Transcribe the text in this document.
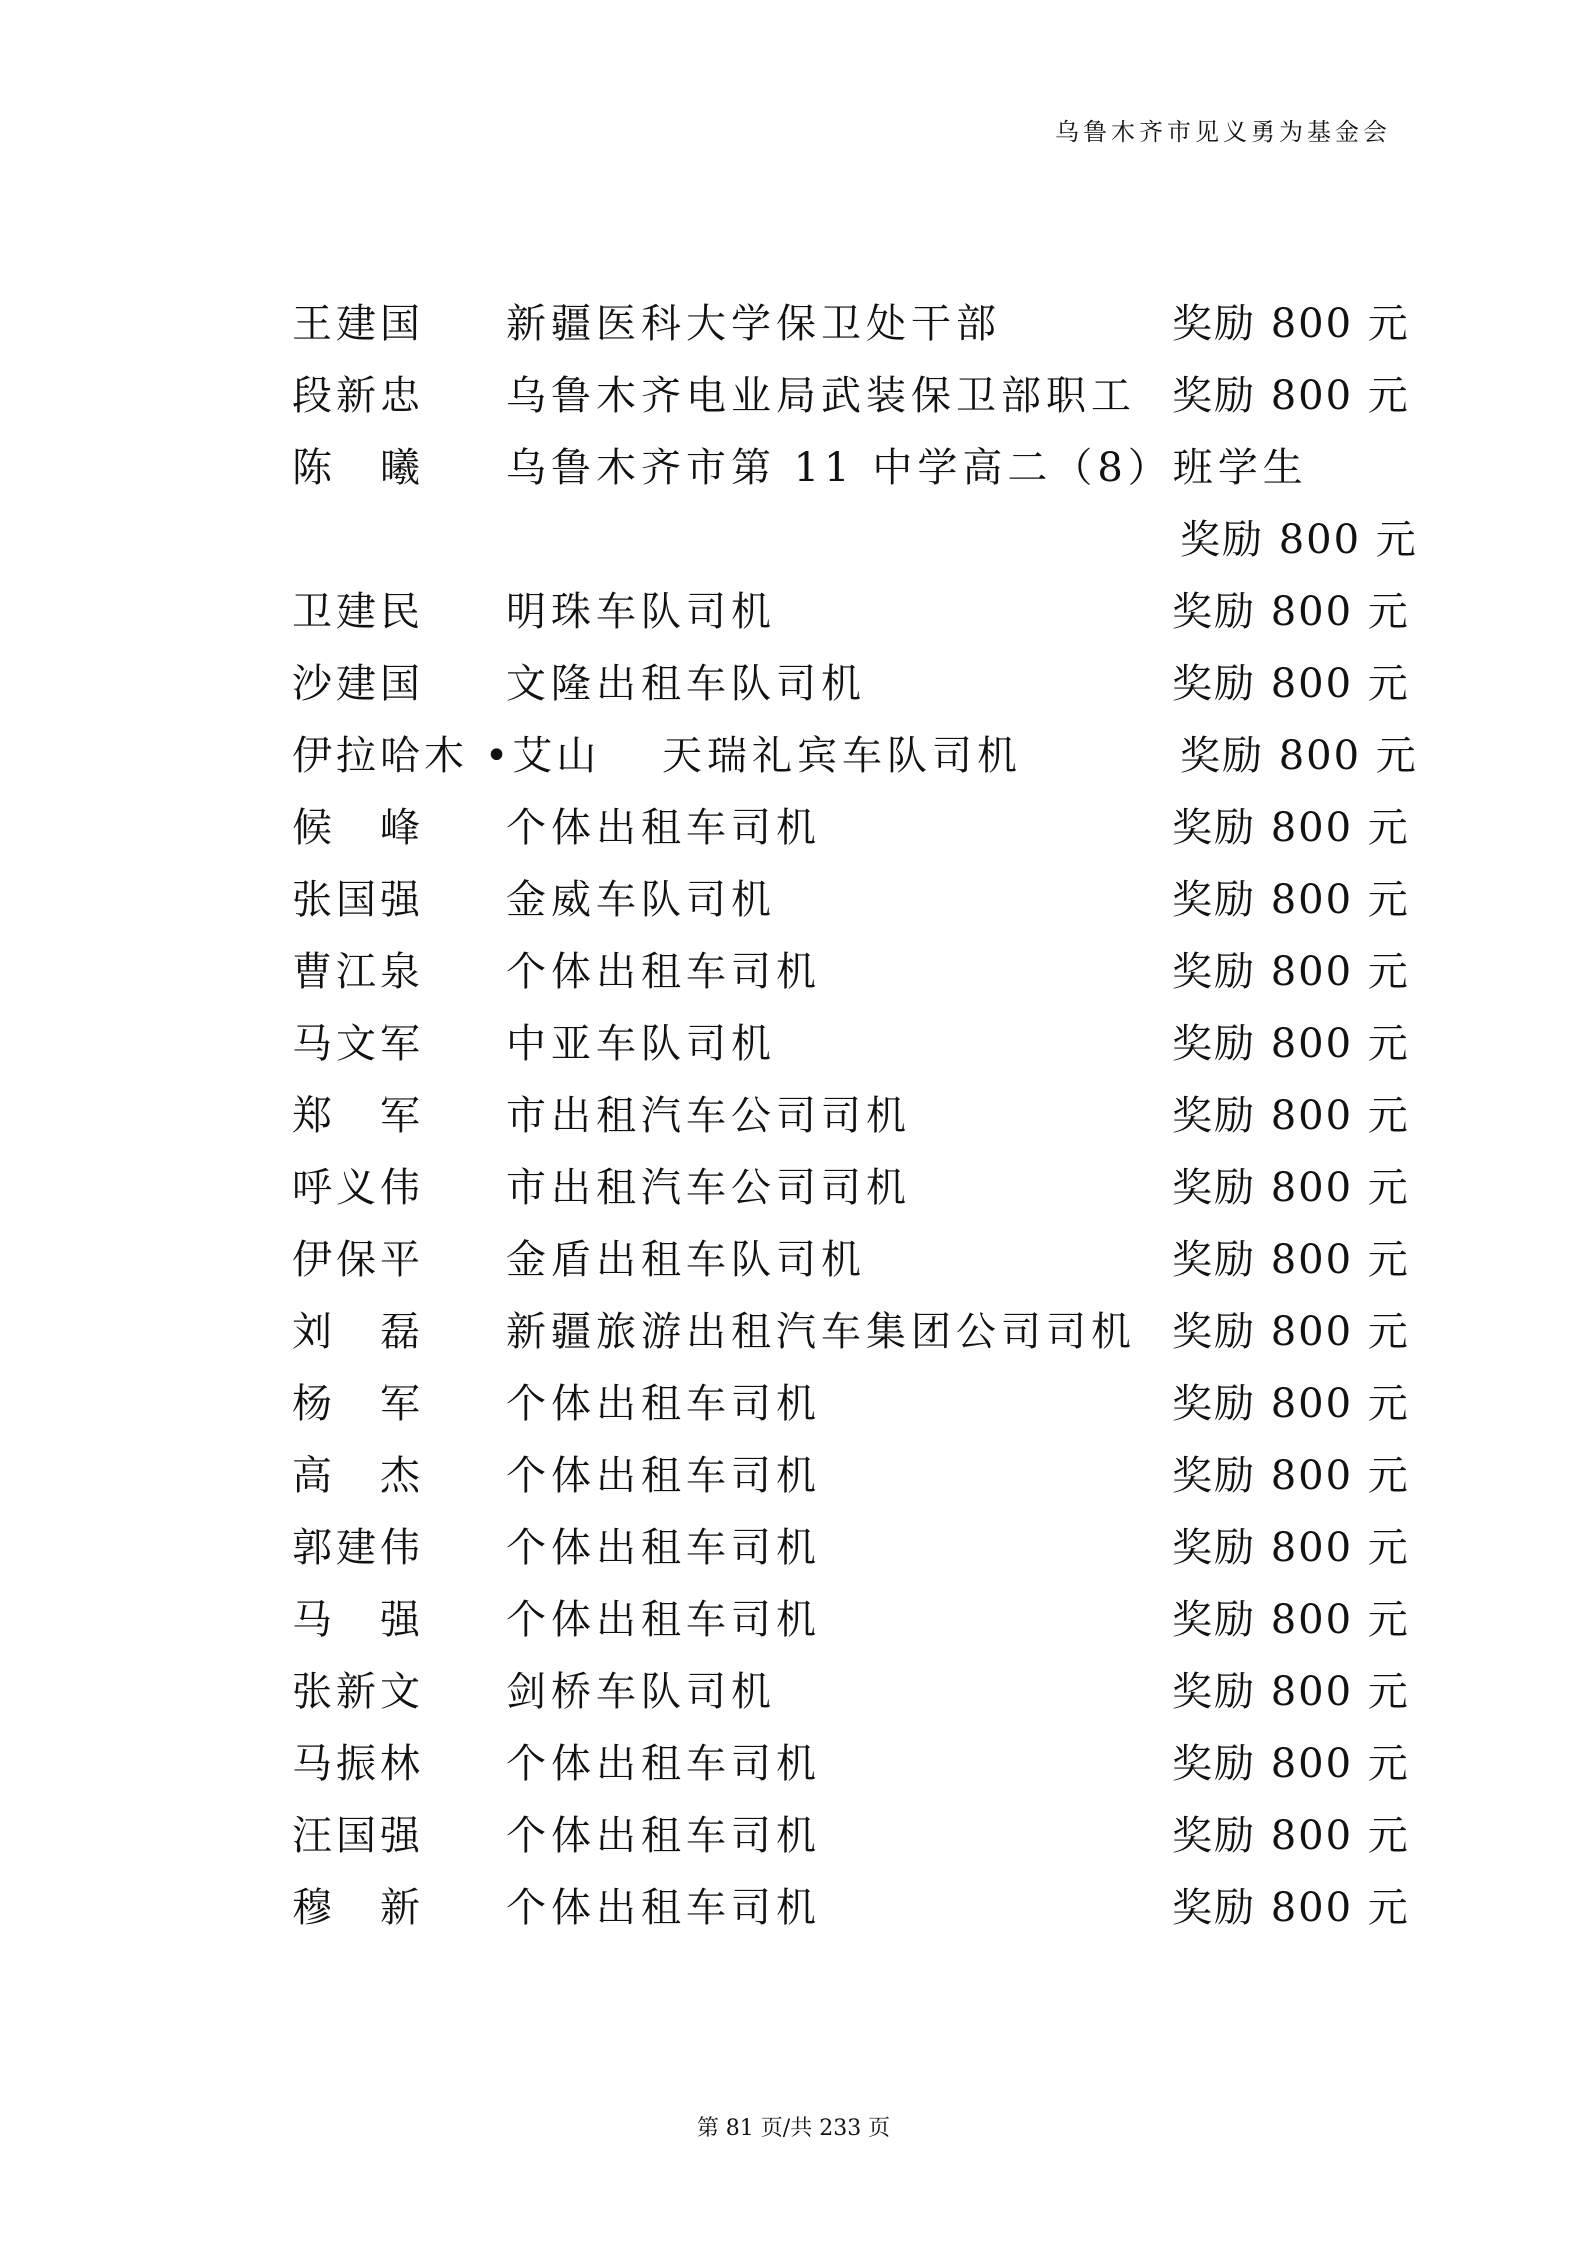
乌鲁木齐市见义勇为基金会
王建国 新疆医科大学保卫处干部	奖励 800 元
段新忠 乌鲁木齐电业局武装保卫部职工 奖励 800 元
陈　曦 乌鲁木齐市第 11 中学高二（8）班学生
奖励 800 元
卫建民 明珠车队司机	奖励 800 元
沙建国 文隆出租车队司机	奖励 800 元
伊拉哈木 •艾山 天瑞礼宾车队司机	奖励 800 元
候　峰 个体出租车司机	奖励 800 元
张国强 金威车队司机	奖励 800 元
曹江泉 个体出租车司机	奖励 800 元
马文军 中亚车队司机	奖励 800 元
郑　军 市出租汽车公司司机	奖励 800 元
呼义伟 市出租汽车公司司机	奖励 800 元
伊保平 金盾出租车队司机	奖励 800 元
刘　磊 新疆旅游出租汽车集团公司司机 奖励 800 元
杨　军 个体出租车司机	奖励 800 元
高　杰 个体出租车司机	奖励 800 元
郭建伟 个体出租车司机	奖励 800 元
马　强 个体出租车司机	奖励 800 元
张新文 剑桥车队司机	奖励 800 元
马振林 个体出租车司机	奖励 800 元
汪国强 个体出租车司机	奖励 800 元
穆　新 个体出租车司机	奖励 800 元
第 81 页/共 233 页
